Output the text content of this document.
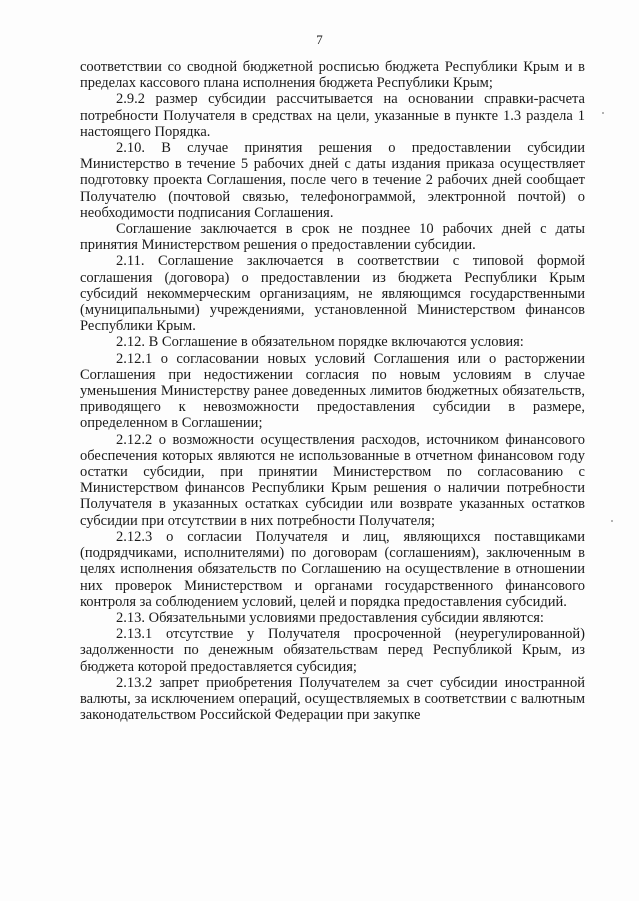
7

соответствии со сводной бюджетной росписью бюджета Республики Крым и в пределах кассового плана исполнения бюджета Республики Крым;

2.9.2 размер субсидии рассчитывается на основании справки-расчета потребности Получателя в средствах на цели, указанные в пункте 1.3 раздела 1 настоящего Порядка.

2.10. В случае принятия решения о предоставлении субсидии Министерство в течение 5 рабочих дней с даты издания приказа осуществляет подготовку проекта Соглашения, после чего в течение 2 рабочих дней сообщает Получателю (почтовой связью, телефонограммой, электронной почтой) о необходимости подписания Соглашения.

Соглашение заключается в срок не позднее 10 рабочих дней с даты принятия Министерством решения о предоставлении субсидии.

2.11. Соглашение заключается в соответствии с типовой формой соглашения (договора) о предоставлении из бюджета Республики Крым субсидий некоммерческим организациям, не являющимся государственными (муниципальными) учреждениями, установленной Министерством финансов Республики Крым.

2.12. В Соглашение в обязательном порядке включаются условия:

2.12.1 о согласовании новых условий Соглашения или о расторжении Соглашения при недостижении согласия по новым условиям в случае уменьшения Министерству ранее доведенных лимитов бюджетных обязательств, приводящего к невозможности предоставления субсидии в размере, определенном в Соглашении;

2.12.2 о возможности осуществления расходов, источником финансового обеспечения которых являются не использованные в отчетном финансовом году остатки субсидии, при принятии Министерством по согласованию с Министерством финансов Республики Крым решения о наличии потребности Получателя в указанных остатках субсидии или возврате указанных остатков субсидии при отсутствии в них потребности Получателя;

2.12.3 о согласии Получателя и лиц, являющихся поставщиками (подрядчиками, исполнителями) по договорам (соглашениям), заключенным в целях исполнения обязательств по Соглашению на осуществление в отношении них проверок Министерством и органами государственного финансового контроля за соблюдением условий, целей и порядка предоставления субсидий.

2.13. Обязательными условиями предоставления субсидии являются:

2.13.1 отсутствие у Получателя просроченной (неурегулированной) задолженности по денежным обязательствам перед Республикой Крым, из бюджета которой предоставляется субсидия;

2.13.2 запрет приобретения Получателем за счет субсидии иностранной валюты, за исключением операций, осуществляемых в соответствии с валютным законодательством Российской Федерации при закупке
